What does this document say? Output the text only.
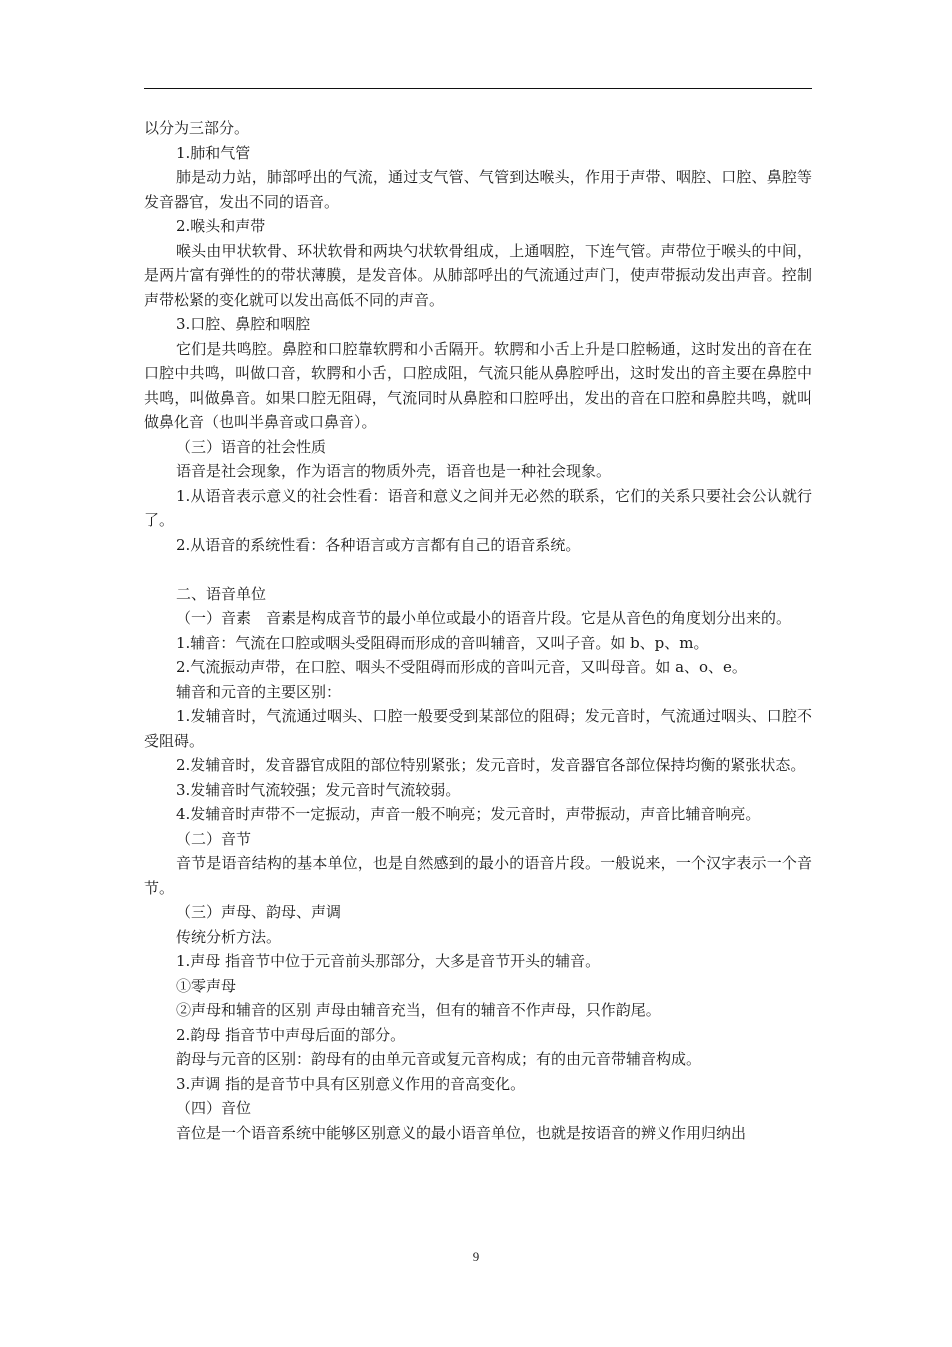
以分为三部分。

1.肺和气管

肺是动力站，肺部呼出的气流，通过支气管、气管到达喉头，作用于声带、咽腔、口腔、鼻腔等发音器官，发出不同的语音。

2.喉头和声带

喉头由甲状软骨、环状软骨和两块勺状软骨组成，上通咽腔，下连气管。声带位于喉头的中间，是两片富有弹性的的带状薄膜，是发音体。从肺部呼出的气流通过声门，使声带振动发出声音。控制声带松紧的变化就可以发出高低不同的声音。

3.口腔、鼻腔和咽腔

它们是共鸣腔。鼻腔和口腔靠软腭和小舌隔开。软腭和小舌上升是口腔畅通，这时发出的音在在口腔中共鸣，叫做口音，软腭和小舌，口腔成阻，气流只能从鼻腔呼出，这时发出的音主要在鼻腔中共鸣，叫做鼻音。如果口腔无阻碍，气流同时从鼻腔和口腔呼出，发出的音在口腔和鼻腔共鸣，就叫做鼻化音（也叫半鼻音或口鼻音）。

（三）语音的社会性质

语音是社会现象，作为语言的物质外壳，语音也是一种社会现象。

1.从语音表示意义的社会性看：语音和意义之间并无必然的联系，它们的关系只要社会公认就行了。

2.从语音的系统性看：各种语言或方言都有自己的语音系统。

二、语音单位

（一）音素　音素是构成音节的最小单位或最小的语音片段。它是从音色的角度划分出来的。

1.辅音：气流在口腔或咽头受阻碍而形成的音叫辅音，又叫子音。如 b、p、m。

2.气流振动声带，在口腔、咽头不受阻碍而形成的音叫元音，又叫母音。如 a、o、e。

辅音和元音的主要区别：

1.发辅音时，气流通过咽头、口腔一般要受到某部位的阻碍；发元音时，气流通过咽头、口腔不受阻碍。

2.发辅音时，发音器官成阻的部位特别紧张；发元音时，发音器官各部位保持均衡的紧张状态。

3.发辅音时气流较强；发元音时气流较弱。

4.发辅音时声带不一定振动，声音一般不响亮；发元音时，声带振动，声音比辅音响亮。

（二）音节

音节是语音结构的基本单位，也是自然感到的最小的语音片段。一般说来，一个汉字表示一个音节。

（三）声母、韵母、声调

传统分析方法。

1.声母 指音节中位于元音前头那部分，大多是音节开头的辅音。

①零声母

②声母和辅音的区别 声母由辅音充当，但有的辅音不作声母，只作韵尾。

2.韵母 指音节中声母后面的部分。

韵母与元音的区别：韵母有的由单元音或复元音构成；有的由元音带辅音构成。

3.声调 指的是音节中具有区别意义作用的音高变化。

（四）音位

音位是一个语音系统中能够区别意义的最小语音单位，也就是按语音的辨义作用归纳出

9
